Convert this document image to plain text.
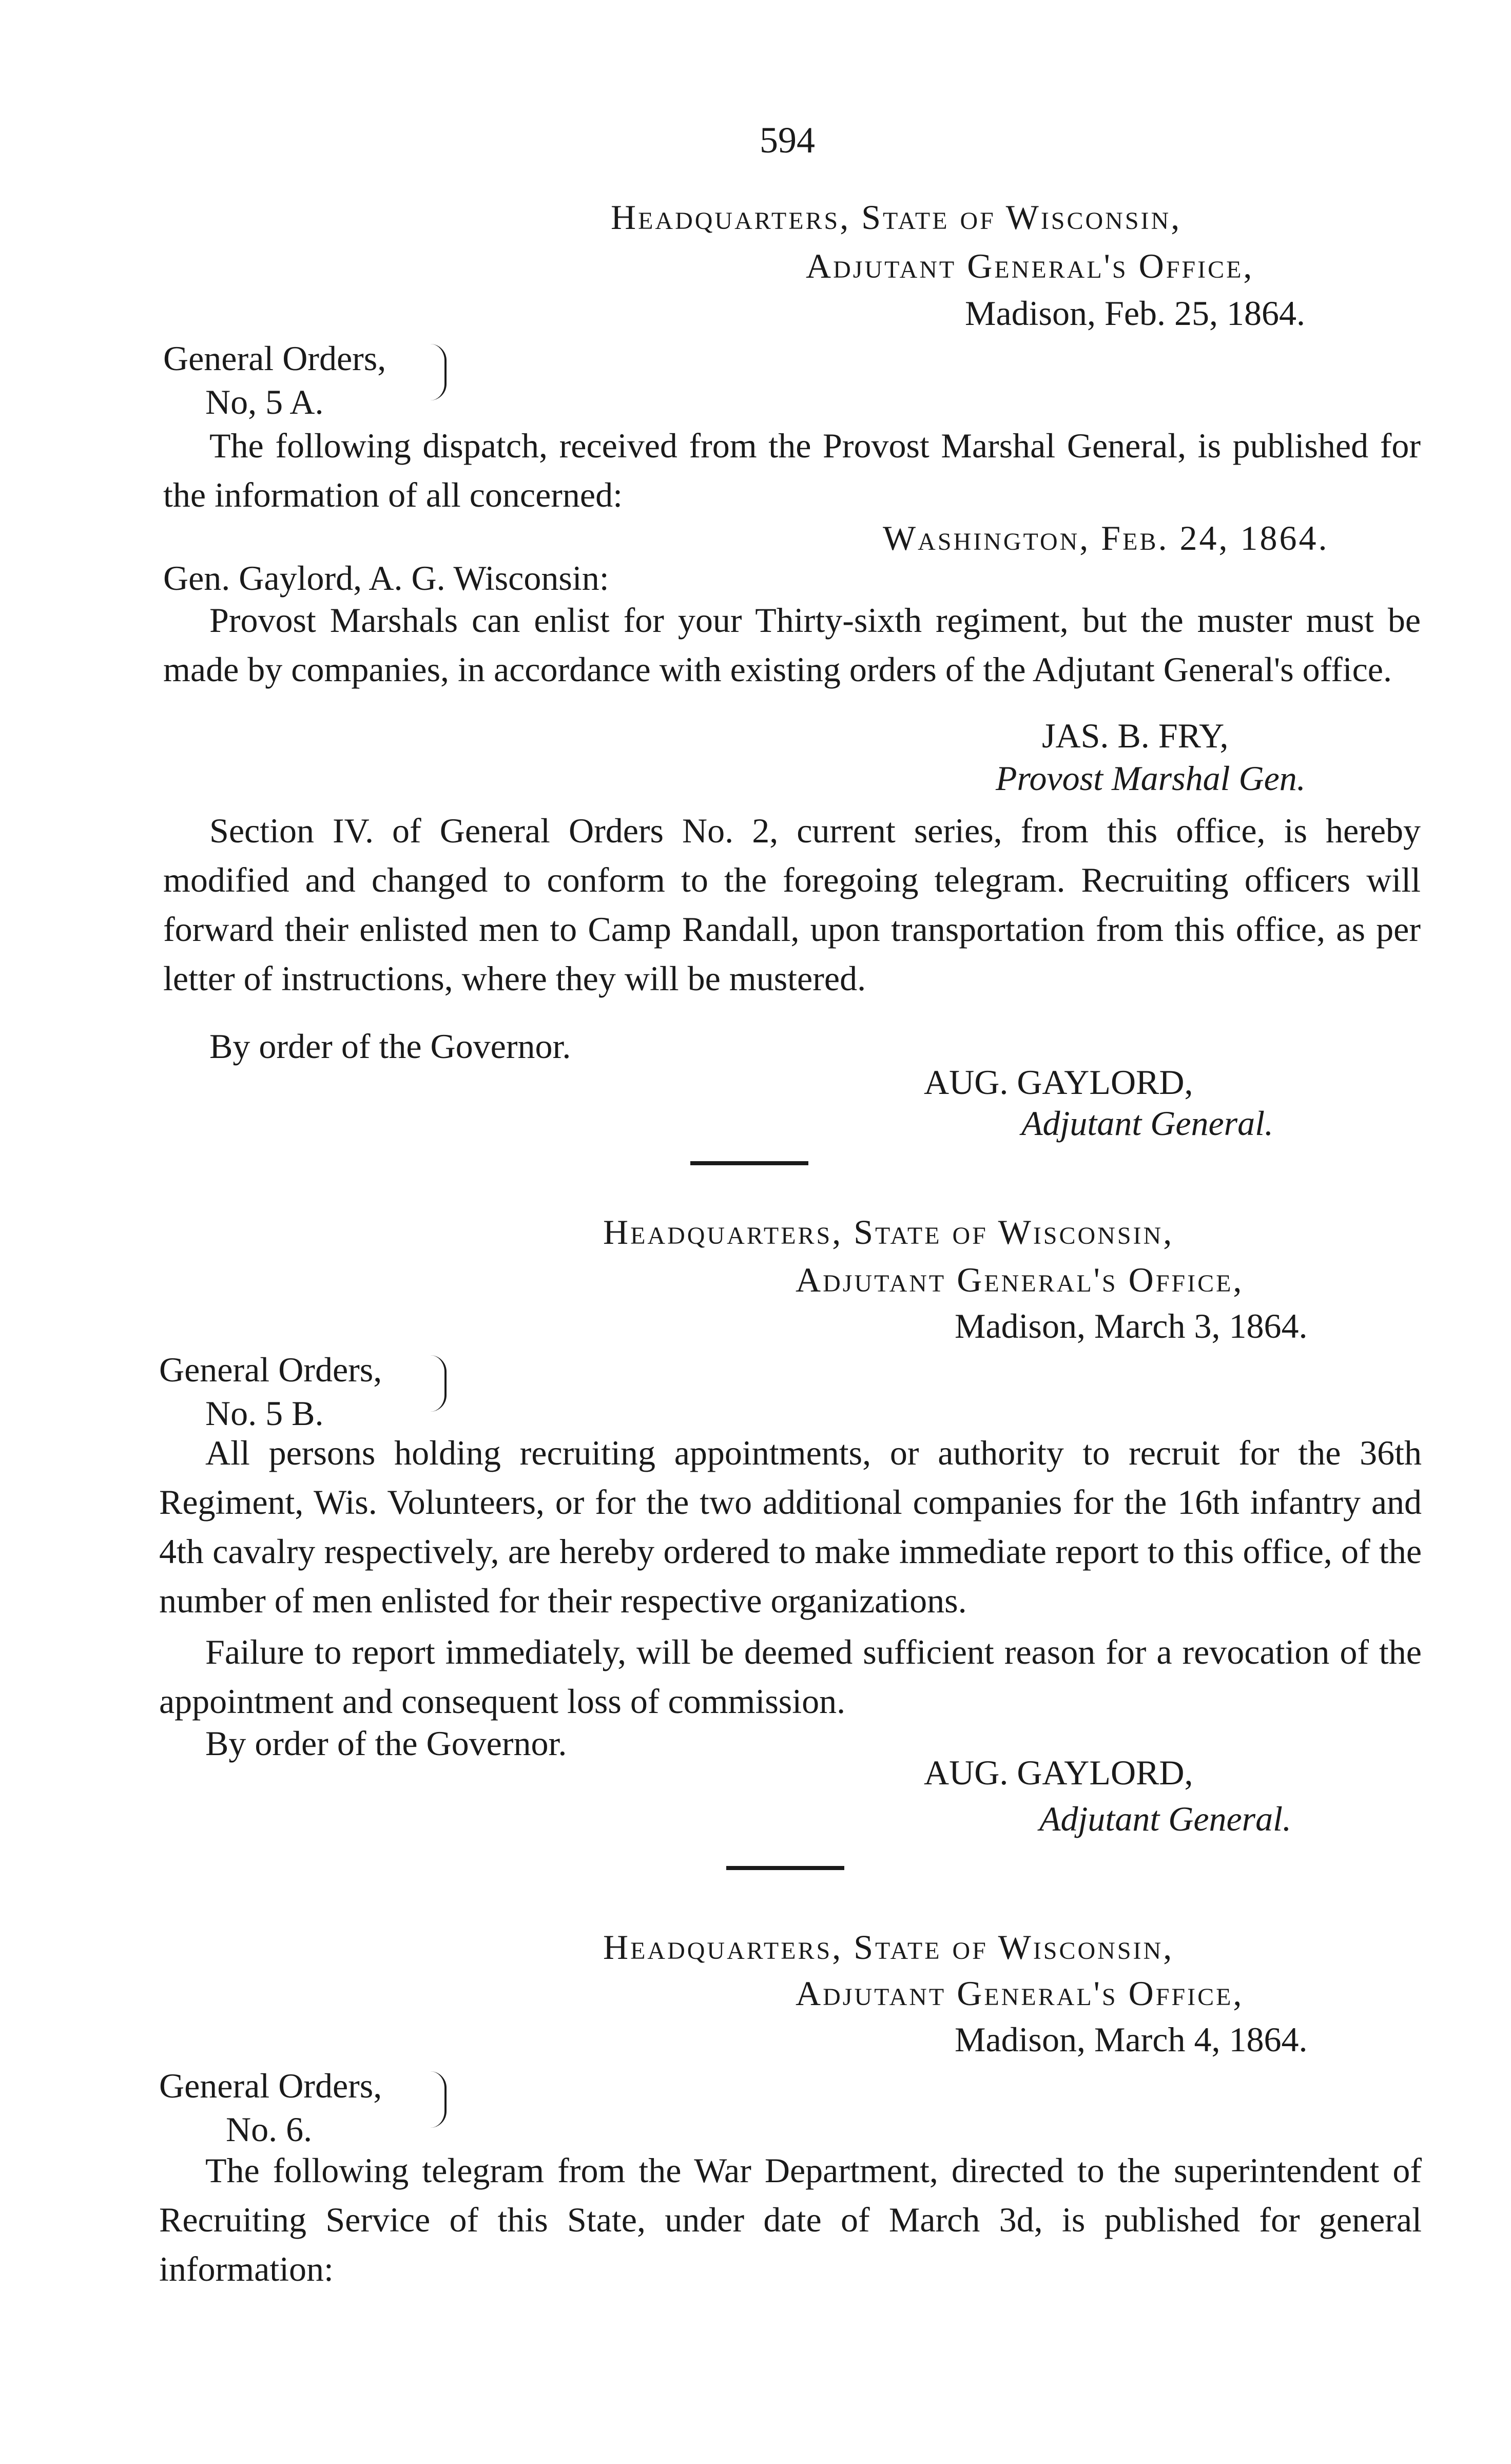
594
Headquarters, State of Wisconsin,
Adjutant General's Office,
Madison, Feb. 25, 1864.
General Orders,
No, 5 A.

The following dispatch, received from the Provost Marshal General, is published for the information of all concerned:

Washington, Feb. 24, 1864.
Gen. Gaylord, A. G. Wisconsin:

Provost Marshals can enlist for your Thirty-sixth regiment, but the muster must be made by companies, in accordance with existing orders of the Adjutant General's office.

JAS. B. FRY,
Provost Marshal Gen.

Section IV. of General Orders No. 2, current series, from this office, is hereby modified and changed to conform to the foregoing telegram. Recruiting officers will forward their enlisted men to Camp Randall, upon transportation from this office, as per letter of instructions, where they will be mustered.

By order of the Governor.

AUG. GAYLORD,
Adjutant General.
Headquarters, State of Wisconsin,
Adjutant General's Office,
Madison, March 3, 1864.
General Orders,
No. 5 B.

All persons holding recruiting appointments, or authority to recruit for the 36th Regiment, Wis. Volunteers, or for the two additional companies for the 16th infantry and 4th cavalry respectively, are hereby ordered to make immediate report to this office, of the number of men enlisted for their respective organizations.

Failure to report immediately, will be deemed sufficient reason for a revocation of the appointment and consequent loss of commission.

By order of the Governor.

AUG. GAYLORD,
Adjutant General.
Headquarters, State of Wisconsin,
Adjutant General's Office,
Madison, March 4, 1864.
General Orders,
No. 6.

The following telegram from the War Department, directed to the superintendent of Recruiting Service of this State, under date of March 3d, is published for general information:
